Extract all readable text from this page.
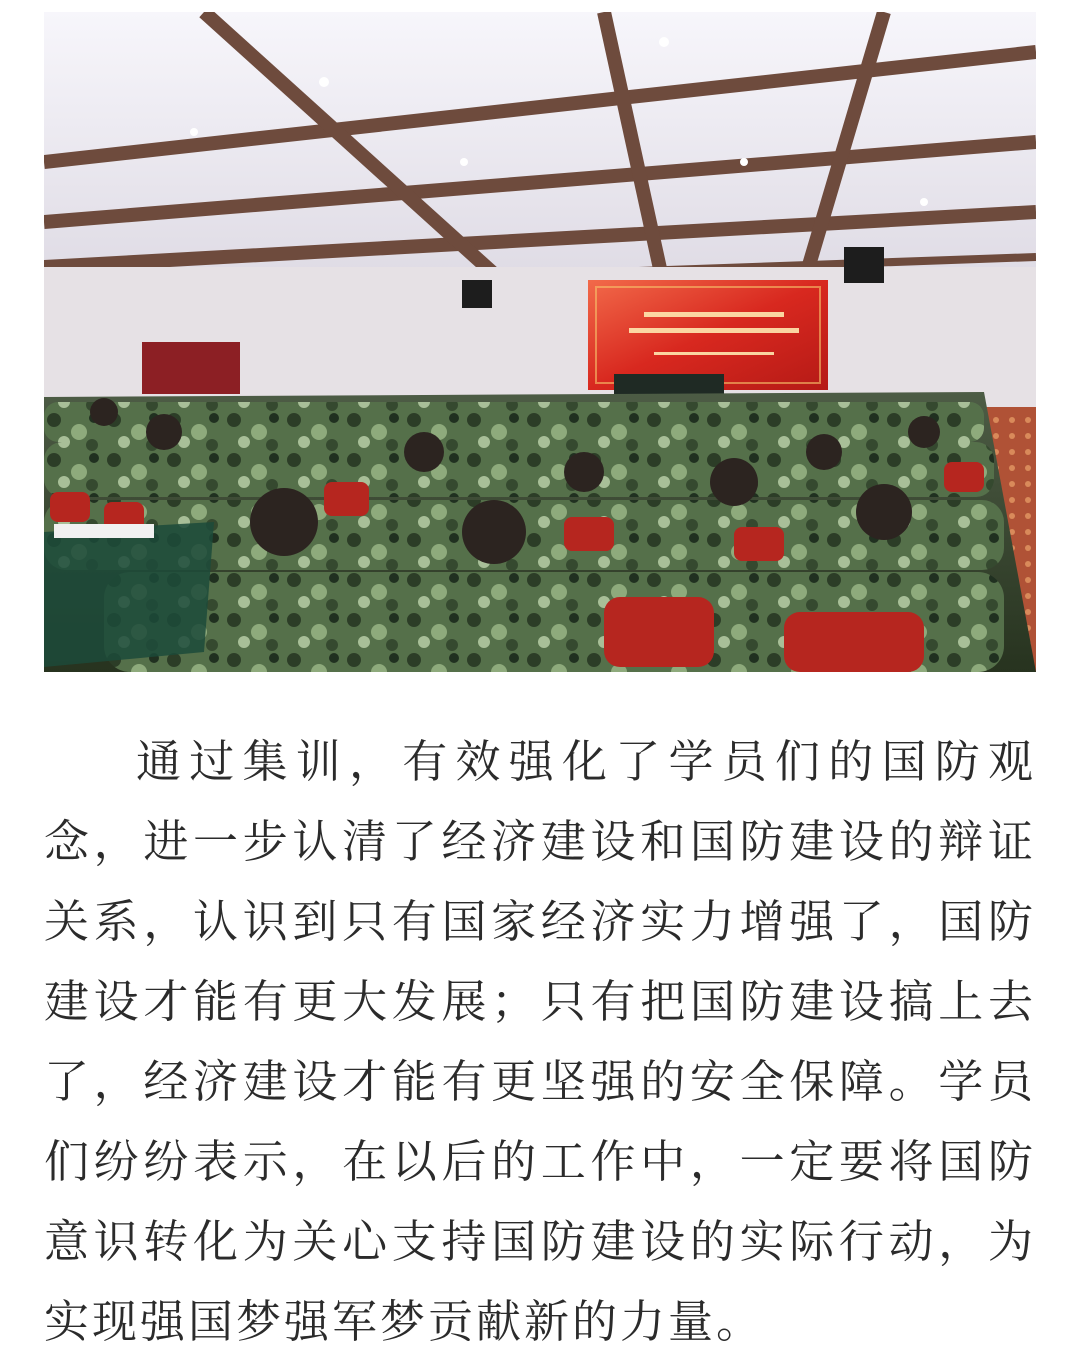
通过集训，有效强化了学员们的国防观念，进一步认清了经济建设和国防建设的辩证关系，认识到只有国家经济实力增强了，国防建设才能有更大发展；只有把国防建设搞上去了，经济建设才能有更坚强的安全保障。学员们纷纷表示，在以后的工作中，一定要将国防意识转化为关心支持国防建设的实际行动，为实现强国梦强军梦贡献新的力量。
